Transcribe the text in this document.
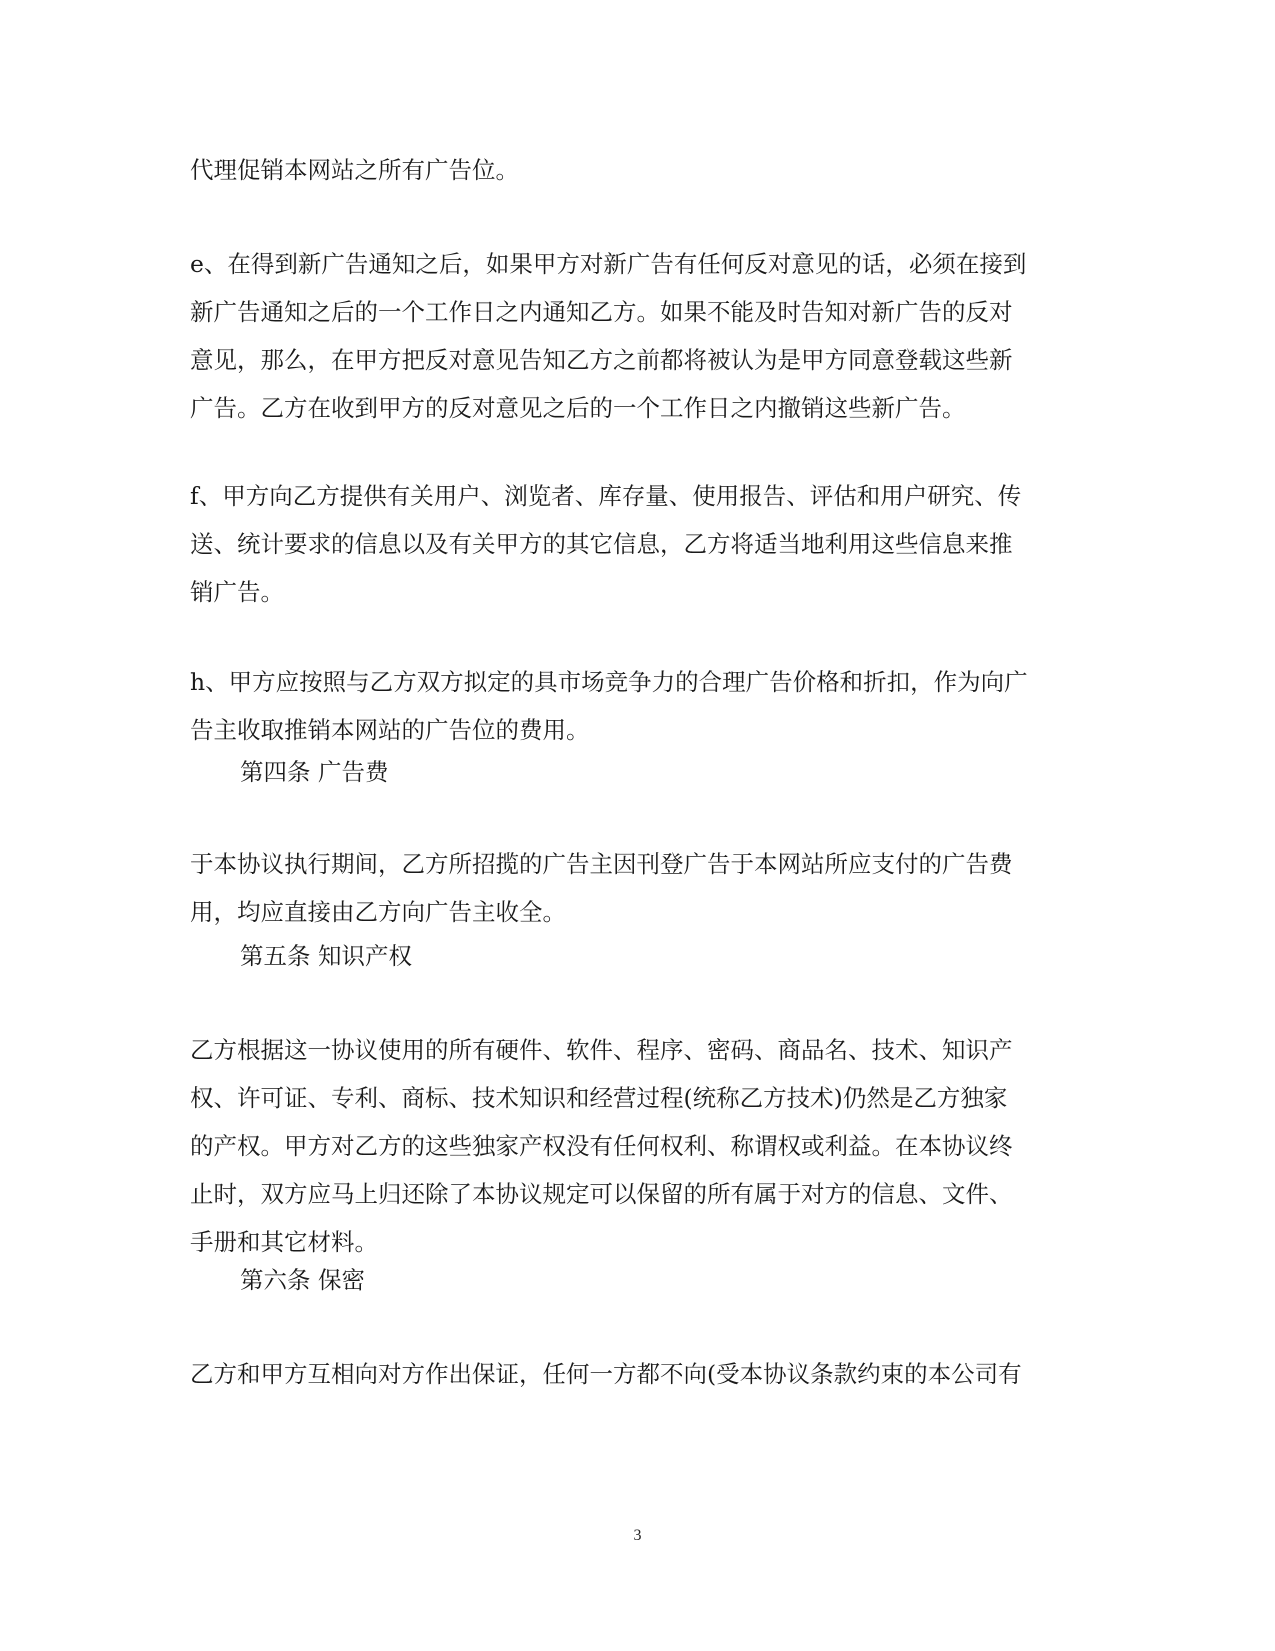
代理促销本网站之所有广告位。
e、在得到新广告通知之后，如果甲方对新广告有任何反对意见的话，必须在接到
新广告通知之后的一个工作日之内通知乙方。如果不能及时告知对新广告的反对
意见，那么，在甲方把反对意见告知乙方之前都将被认为是甲方同意登载这些新
广告。乙方在收到甲方的反对意见之后的一个工作日之内撤销这些新广告。
f、甲方向乙方提供有关用户、浏览者、库存量、使用报告、评估和用户研究、传
送、统计要求的信息以及有关甲方的其它信息，乙方将适当地利用这些信息来推
销广告。
h、甲方应按照与乙方双方拟定的具市场竞争力的合理广告价格和折扣，作为向广
告主收取推销本网站的广告位的费用。
第四条 广告费
于本协议执行期间，乙方所招揽的广告主因刊登广告于本网站所应支付的广告费
用，均应直接由乙方向广告主收全。
第五条 知识产权
乙方根据这一协议使用的所有硬件、软件、程序、密码、商品名、技术、知识产
权、许可证、专利、商标、技术知识和经营过程(统称乙方技术)仍然是乙方独家
的产权。甲方对乙方的这些独家产权没有任何权利、称谓权或利益。在本协议终
止时，双方应马上归还除了本协议规定可以保留的所有属于对方的信息、文件、
手册和其它材料。
第六条 保密
乙方和甲方互相向对方作出保证，任何一方都不向(受本协议条款约束的本公司有
3
